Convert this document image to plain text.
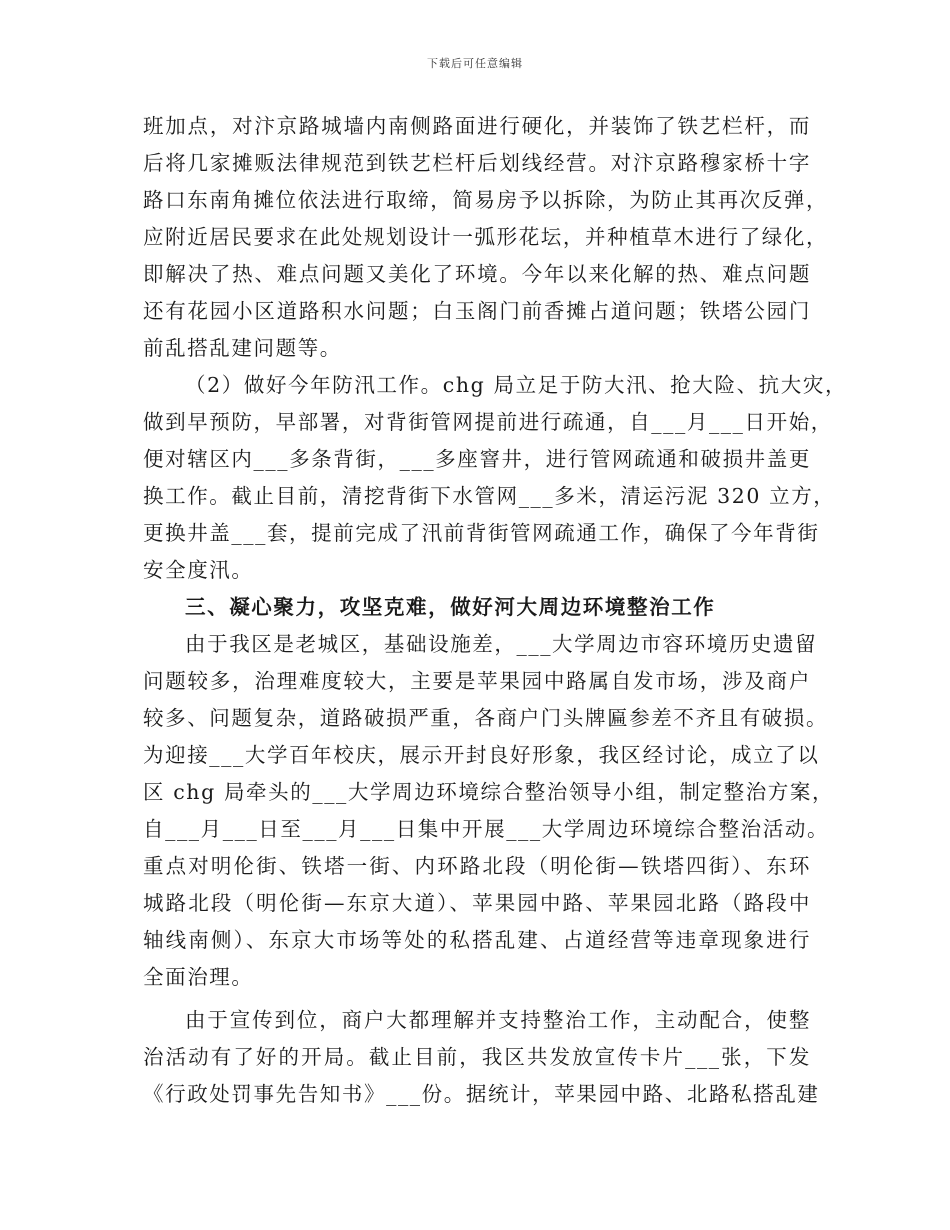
下载后可任意编辑
班加点，对汴京路城墙内南侧路面进行硬化，并装饰了铁艺栏杆，而
后将几家摊贩法律规范到铁艺栏杆后划线经营。对汴京路穆家桥十字
路口东南角摊位依法进行取缔，简易房予以拆除，为防止其再次反弹，
应附近居民要求在此处规划设计一弧形花坛，并种植草木进行了绿化，
即解决了热、难点问题又美化了环境。今年以来化解的热、难点问题
还有花园小区道路积水问题；白玉阁门前香摊占道问题；铁塔公园门
前乱搭乱建问题等。
（2）做好今年防汛工作。chg 局立足于防大汛、抢大险、抗大灾，
做到早预防，早部署，对背街管网提前进行疏通，自___月___日开始，
便对辖区内___多条背街，___多座窨井，进行管网疏通和破损井盖更
换工作。截止目前，清挖背街下水管网___多米，清运污泥 320 立方，
更换井盖___套，提前完成了汛前背街管网疏通工作，确保了今年背街
安全度汛。
三、凝心聚力，攻坚克难，做好河大周边环境整治工作
由于我区是老城区，基础设施差，___大学周边市容环境历史遗留
问题较多，治理难度较大，主要是苹果园中路属自发市场，涉及商户
较多、问题复杂，道路破损严重，各商户门头牌匾参差不齐且有破损。
为迎接___大学百年校庆，展示开封良好形象，我区经讨论，成立了以
区 chg 局牵头的___大学周边环境综合整治领导小组，制定整治方案，
自___月___日至___月___日集中开展___大学周边环境综合整治活动。
重点对明伦街、铁塔一街、内环路北段（明伦街—铁塔四街）、东环
城路北段（明伦街—东京大道）、苹果园中路、苹果园北路（路段中
轴线南侧）、东京大市场等处的私搭乱建、占道经营等违章现象进行
全面治理。
由于宣传到位，商户大都理解并支持整治工作，主动配合，使整
治活动有了好的开局。截止目前，我区共发放宣传卡片___张，下发
《行政处罚事先告知书》___份。据统计，苹果园中路、北路私搭乱建
